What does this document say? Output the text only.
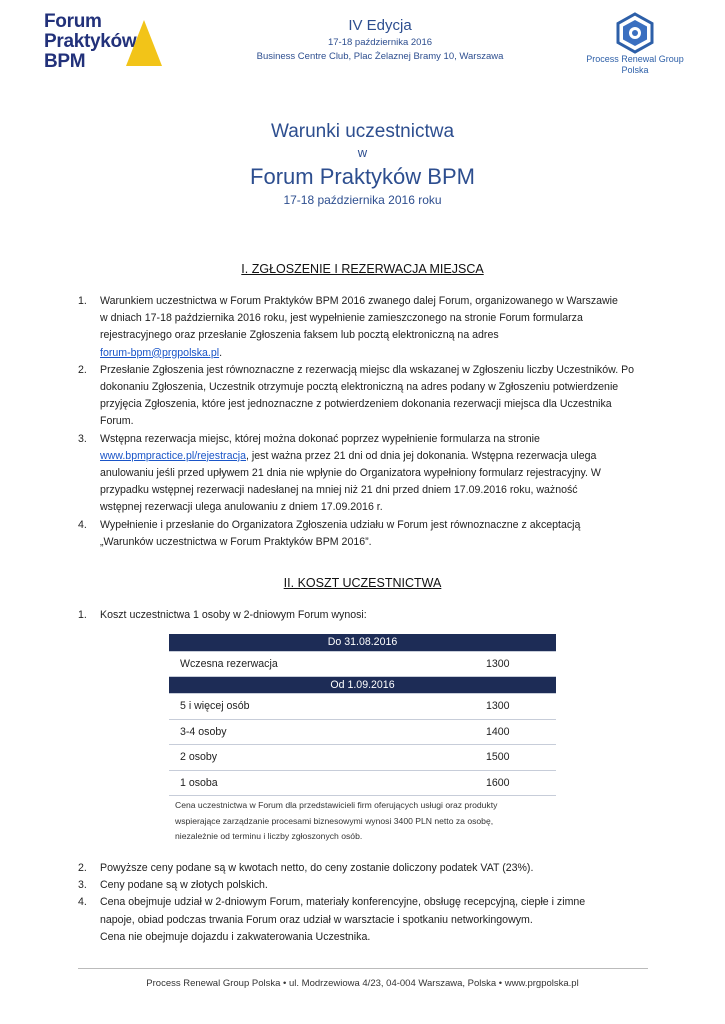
Forum
Praktyków
BPM
IV Edycja
17-18 października 2016
Business Centre Club, Plac Żelaznej Bramy 10, Warszawa	Process Renewal Group
Polska
Warunki uczestnictwa
w
Forum Praktyków BPM
17-18 października 2016 roku
I. ZGŁOSZENIE I REZERWACJA MIEJSCA
1. Warunkiem uczestnictwa w Forum Praktyków BPM 2016 zwanego dalej Forum, organizowanego w Warszawie
w dniach 17-18 października 2016 roku, jest wypełnienie zamieszczonego na stronie Forum formularza
rejestracyjnego oraz przesłanie Zgłoszenia faksem lub pocztą elektroniczną na adres
forum-bpm@prgpolska.pl.
2. Przesłanie Zgłoszenia jest równoznaczne z rezerwacją miejsc dla wskazanej w Zgłoszeniu liczby Uczestników. Po
dokonaniu Zgłoszenia, Uczestnik otrzymuje pocztą elektroniczną na adres podany w Zgłoszeniu potwierdzenie
przyjęcia Zgłoszenia, które jest jednoznaczne z potwierdzeniem dokonania rezerwacji miejsca dla Uczestnika
Forum.
3. Wstępna rezerwacja miejsc, której można dokonać poprzez wypełnienie formularza na stronie
www.bpmpractice.pl/rejestracja, jest ważna przez 21 dni od dnia jej dokonania. Wstępna rezerwacja ulega
anulowaniu jeśli przed upływem 21 dnia nie wpłynie do Organizatora wypełniony formularz rejestracyjny. W
przypadku wstępnej rezerwacji nadesłanej na mniej niż 21 dni przed dniem 17.09.2016 roku, ważność
wstępnej rezerwacji ulega anulowaniu z dniem 17.09.2016 r.
4. Wypełnienie i przesłanie do Organizatora Zgłoszenia udziału w Forum jest równoznaczne z akceptacją
„Warunków uczestnictwa w Forum Praktyków BPM 2016”.
II. KOSZT UCZESTNICTWA
1. Koszt uczestnictwa 1 osoby w 2-dniowym Forum wynosi:
Do 31.08.2016	
Wczesna rezerwacja	1300
Od 1.09.2016	
5 i więcej osób	1300
3-4 osoby	1400
2 osoby	1500
1 osoba	1600
Cena uczestnictwa w Forum dla przedstawicieli firm oferujących usługi oraz produkty
wspierające zarządzanie procesami biznesowymi wynosi 3400 PLN netto za osobę,
niezależnie od terminu i liczby zgłoszonych osób.
2. Powyższe ceny podane są w kwotach netto, do ceny zostanie doliczony podatek VAT (23%).
3. Ceny podane są w złotych polskich.
4. Cena obejmuje udział w 2-dniowym Forum, materiały konferencyjne, obsługę recepcyjną, ciepłe i zimne
napoje, obiad podczas trwania Forum oraz udział w warsztacie i spotkaniu networkingowym.
Cena nie obejmuje dojazdu i zakwaterowania Uczestnika.
Process Renewal Group Polska • ul. Modrzewiowa 4/23, 04-004 Warszawa, Polska • www.prgpolska.pl
